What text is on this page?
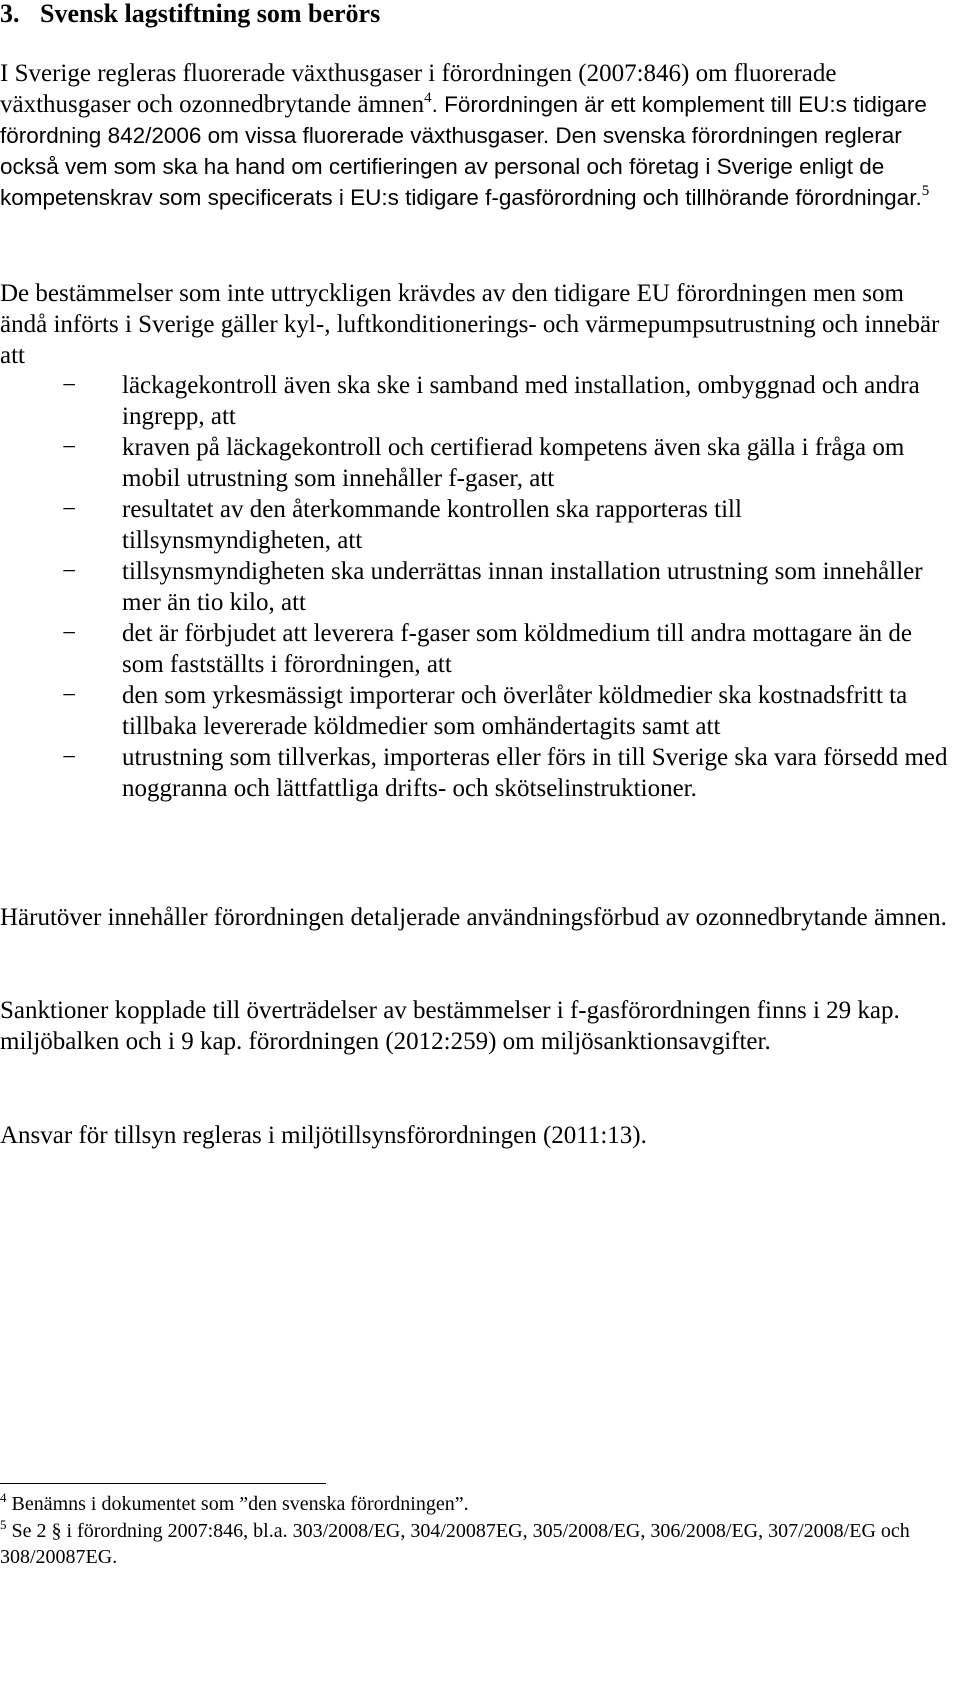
3. Svensk lagstiftning som berörs

I Sverige regleras fluorerade växthusgaser i förordningen (2007:846) om fluorerade växthusgaser och ozonnedbrytande ämnen$^4$. Förordningen är ett komplement till EU:s tidigare förordning 842/2006 om vissa fluorerade växthusgaser. Den svenska förordningen reglerar också vem som ska ha hand om certifieringen av personal och företag i Sverige enligt de kompetenskrav som specificerats i EU:s tidigare f-gasförordning och tillhörande förordningar.$^5$

De bestämmelser som inte uttryckligen krävdes av den tidigare EU förordningen men som ändå införts i Sverige gäller kyl-, luftkonditionerings- och värmepumpsutrustning och innebär att

− läckagekontroll även ska ske i samband med installation, ombyggnad och andra ingrepp, att
− kraven på läckagekontroll och certifierad kompetens även ska gälla i fråga om mobil utrustning som innehåller f-gaser, att
− resultatet av den återkommande kontrollen ska rapporteras till tillsynsmyndigheten, att
− tillsynsmyndigheten ska underrättas innan installation utrustning som innehåller mer än tio kilo, att
− det är förbjudet att leverera f-gaser som köldmedium till andra mottagare än de som fastställts i förordningen, att
− den som yrkesmässigt importerar och överlåter köldmedier ska kostnadsfritt ta tillbaka levererade köldmedier som omhändertagits samt att
− utrustning som tillverkas, importeras eller förs in till Sverige ska vara försedd med noggranna och lättfattliga drifts- och skötselinstruktioner.

Härutöver innehåller förordningen detaljerade användningsförbud av ozonnedbrytande ämnen.

Sanktioner kopplade till överträdelser av bestämmelser i f-gasförordningen finns i 29 kap. miljöbalken och i 9 kap. förordningen (2012:259) om miljösanktionsavgifter.

Ansvar för tillsyn regleras i miljötillsynsförordningen (2011:13).

$^4$ Benämns i dokumentet som ”den svenska förordningen”.

$^5$ Se 2 § i förordning 2007:846, bl.a. 303/2008/EG, 304/20087EG, 305/2008/EG, 306/2008/EG, 307/2008/EG och 308/20087EG.
